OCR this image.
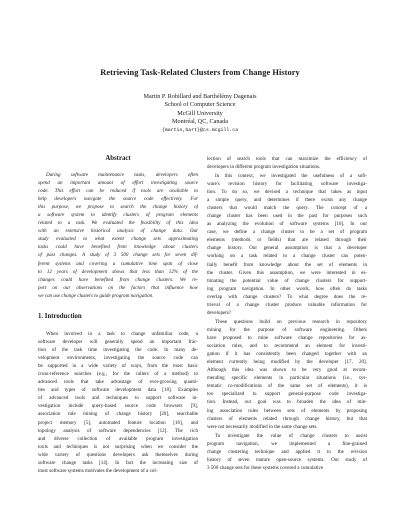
Retrieving Task-Related Clusters from Change History
Martin P. Robillard and Barthélémy Dagenais
School of Computer Science
McGill University
Montréal, QC, Canada
{martin,bart}@cs.mcgill.ca
Abstract
During software maintenance tasks, developers often
spend an important amount of effort investigating source
code. This effort can be reduced if tools are available to
help developers navigate the source code effectively. For
this purpose, we propose to search the change history of
a software system to identify clusters of program elements
related to a task. We evaluated the feasibility of this idea
with an extensive historical analysis of change data. Our
study evaluated to what extent change sets approximating
tasks could have benefited from knowledge about clusters
of past changes. A study of 3 500 change sets for seven dif-
ferent systems and covering a cumulative time span of close
to 12 years of development shows that less than 12% of the
changes could have benefited from change clusters. We re-
port on our observations on the factors that influence how
we can use change clusters to guide program navigation.
1. Introduction
When involved in a task to change unfamiliar code, a
software developer will generally spend an important frac-
tion of the task time investigating the code. In many de-
velopment environments, investigating the source code can
be supported in a wide variety of ways, from the most basic
cross-reference searches (e.g., for the callers of a method) to
advanced tools that take advantage of ever-growing quanti-
ties and types of software development data [18]. Examples
of advanced tools and techniques to support software in-
vestigation include query-based source code browsers [9],
association rule mining of change history [20], searchable
project memory [5], automated feature location [16], and
topology analysis of software dependencies [12]. The rich
and diverse collection of available program investigation
tools and techniques is not surprising when we consider the
wide variety of questions developers ask themselves during
software change tasks [14]. In fact the increasing size of
most software systems motivates the development of a col-
lection of search tools that can maximize the efficiency of
developers in different program investigation situations.
In this context, we investigated the usefulness of a soft-
ware's revision history for facilitating software investiga-
tion. To do so, we devised a technique that takes as input
a simple query, and determines if there exists any change
clusters that would match the query. The concept of a
change cluster has been used in the past for purposes such
as analyzing the evolution of software systems [10]. In our
case, we define a change cluster to be a set of program
elements (methods or fields) that are related through their
change history. Our general assumption is that a developer
working on a task related to a change cluster can poten-
tially benefit from knowledge about the set of elements in
the cluster. Given this assumption, we were interested in es-
timating the potential value of change clusters for support-
ing program navigation. In other words, how often do tasks
overlap with change clusters? To what degree does the re-
trieval of a change cluster produce valuable information for
developers?
These questions build on previous research in repository
mining for the purpose of software engineering. Others
have proposed to mine software change repositories for as-
sociation rules, and to recommend an element for investi-
gation if it has consistently been changed together with an
element currently being modified by the developer [17, 20].
Although this idea was shown to be very good at recom-
mending specific elements in particular situations (i.e., sys-
tematic co-modifications of the same set of elements), it is
too specialized to support general-purpose code investiga-
tion. Instead, our goal was to broaden the idea of min-
ing association rules between sets of elements by proposing
clusters of elements related through change history, but that
were not necessarily modified in the same change sets.
To investigate the value of change clusters to assist
program navigation, we implemented a fine-grained
change clustering technique and applied it to the revision
history of seven mature open-source systems. Our study of
3 500 change sets for these systems covered a cumulative
